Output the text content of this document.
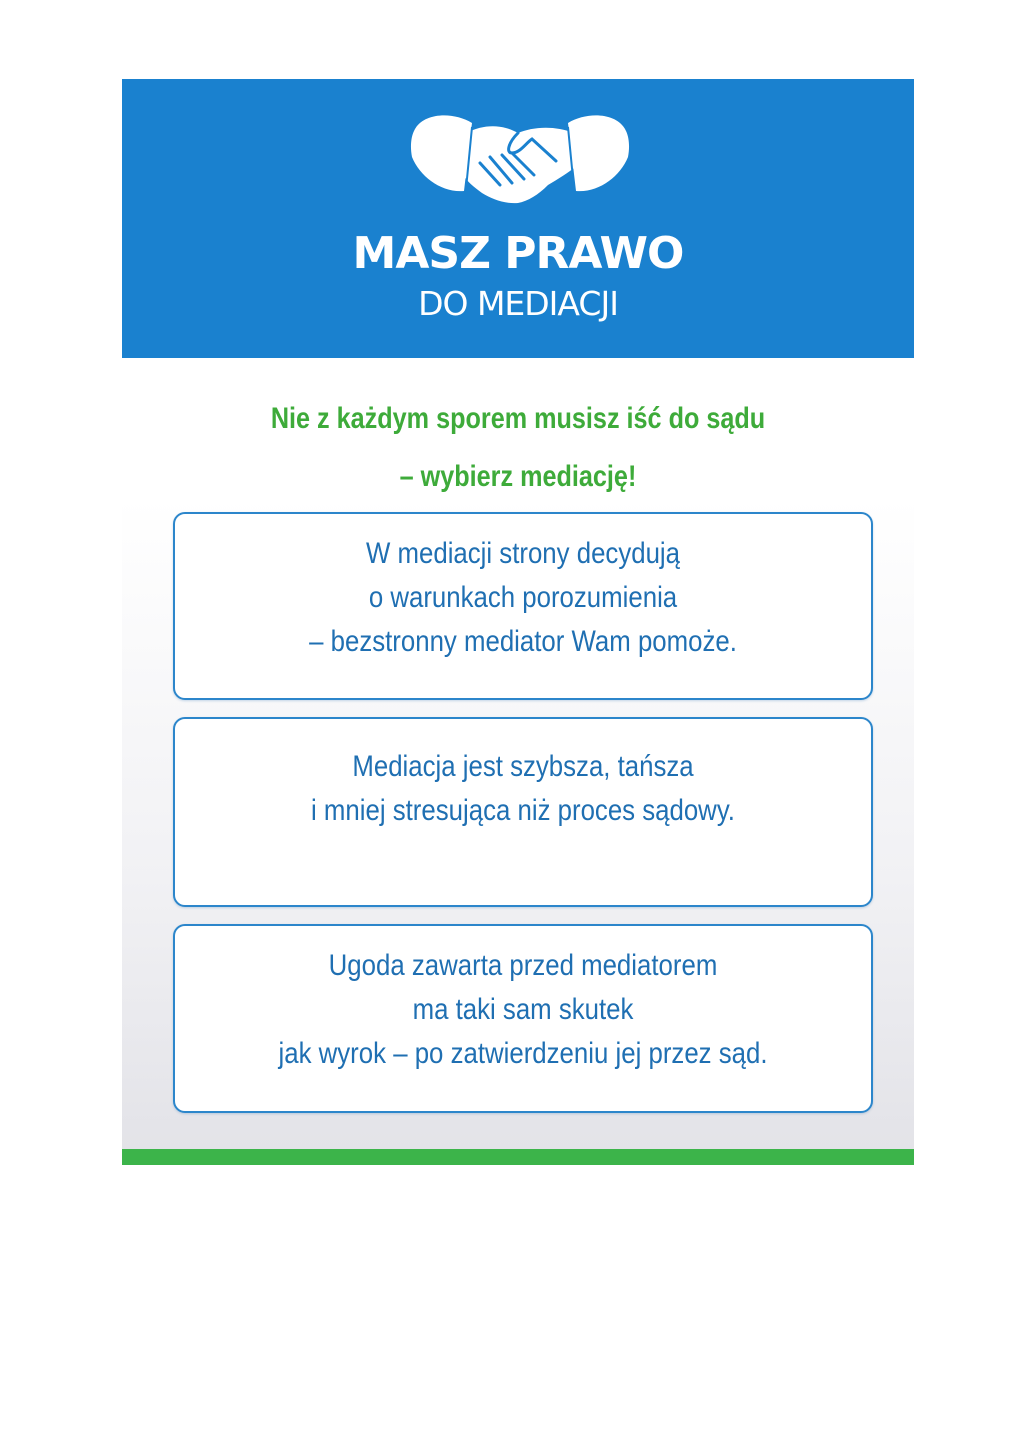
MASZ PRAWO
DO MEDIACJI
Nie z każdym sporem musisz iść do sądu
– wybierz mediację!
W mediacji strony decydują
o warunkach porozumienia
– bezstronny mediator Wam pomoże.
Mediacja jest szybsza, tańsza
i mniej stresująca niż proces sądowy.
Ugoda zawarta przed mediatorem
ma taki sam skutek
jak wyrok – po zatwierdzeniu jej przez sąd.
